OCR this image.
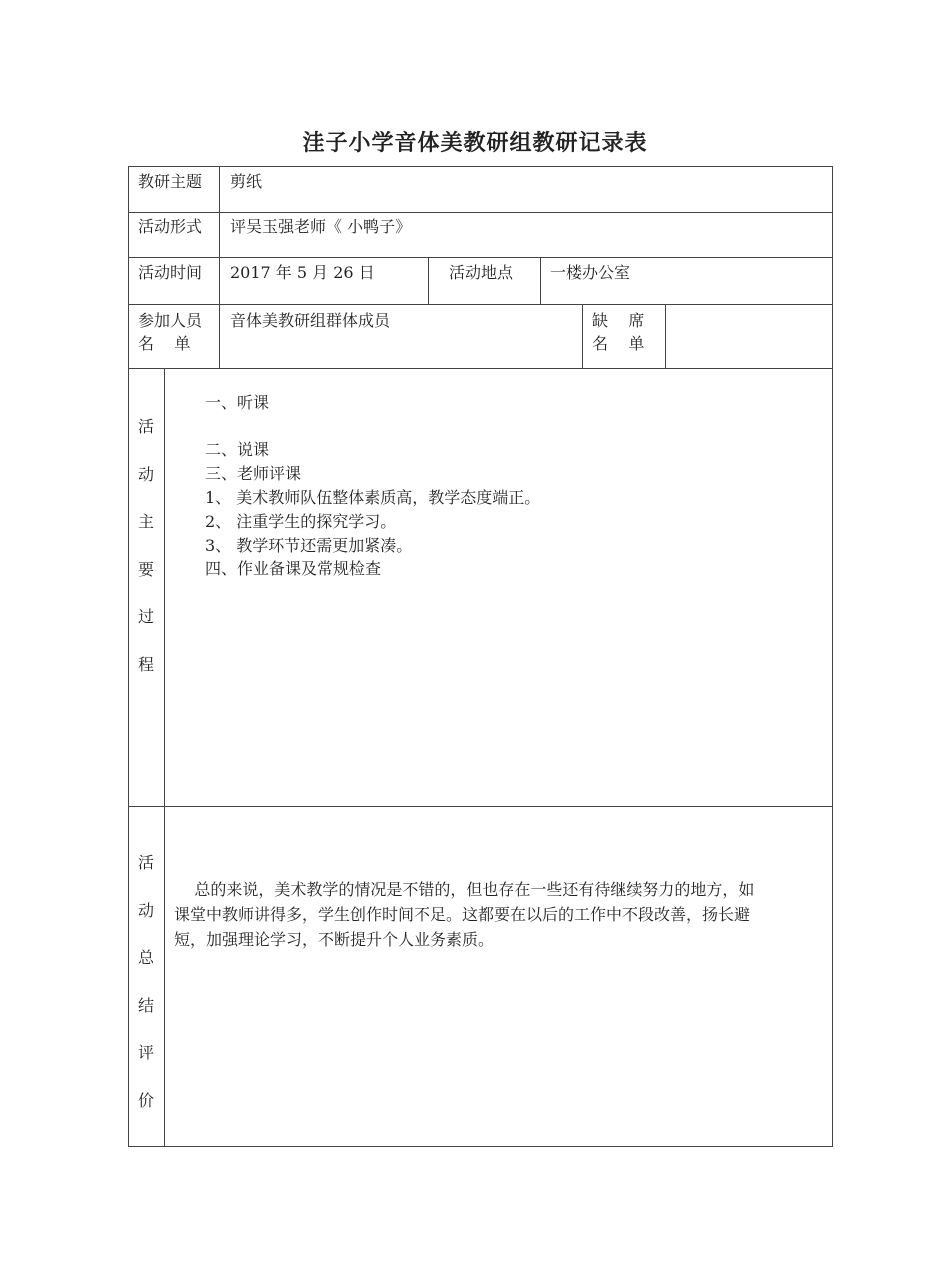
洼子小学音体美教研组教研记录表
教研主题 剪纸
活动形式 评吴玉强老师《 小鸭子》
活动时间 2017 年 5 月 26 日	活动地点 一楼办公室
参加人员
名    单
音体美教研组群体成员	缺    席
名    单
活
动
主
要
过
程
一、听课
二、说课
三、老师评课
1、 美术教师队伍整体素质高，教学态度端正。
2、 注重学生的探究学习。
3、 教学环节还需更加紧凑。
四、作业备课及常规检查
活
动
总
结
评
价
总的来说，美术教学的情况是不错的，但也存在一些还有待继续努力的地方，如
课堂中教师讲得多，学生创作时间不足。这都要在以后的工作中不段改善，扬长避
短，加强理论学习，不断提升个人业务素质。
